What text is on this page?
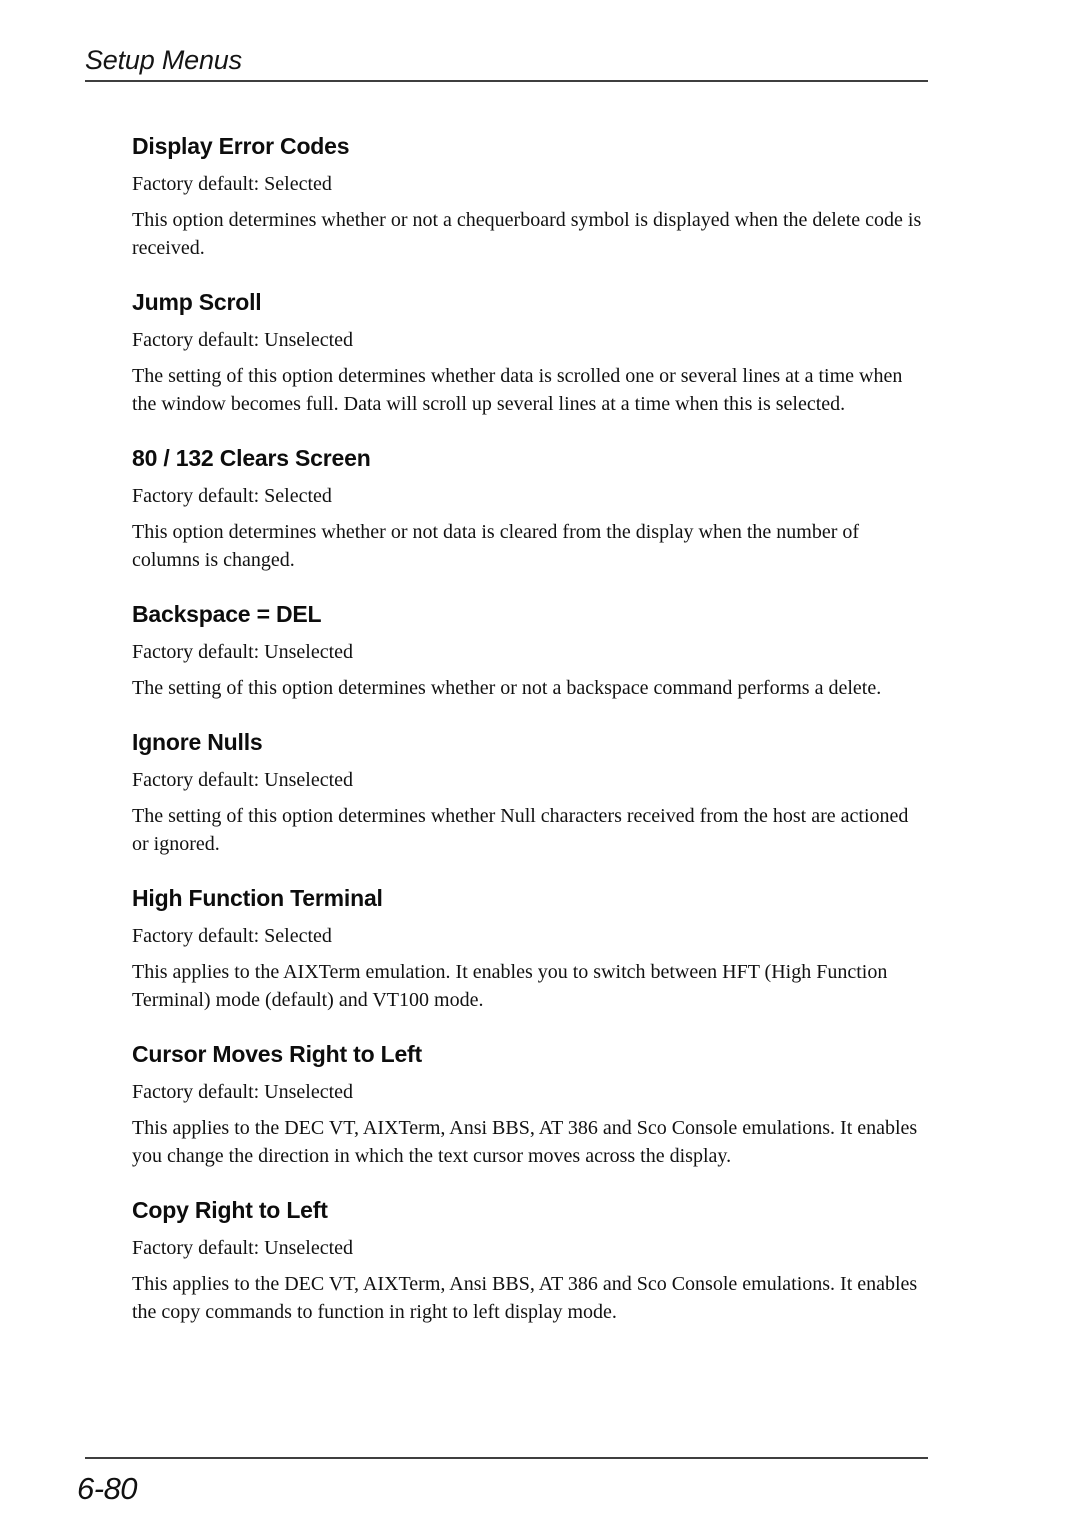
Setup Menus
Display Error Codes

Factory default: Selected

This option determines whether or not a chequerboard symbol is displayed when the delete code is received.

Jump Scroll

Factory default: Unselected

The setting of this option determines whether data is scrolled one or several lines at a time when the window becomes full. Data will scroll up several lines at a time when this is selected.

80 / 132 Clears Screen

Factory default: Selected

This option determines whether or not data is cleared from the display when the number of columns is changed.

Backspace = DEL

Factory default: Unselected

The setting of this option determines whether or not a backspace command performs a delete.

Ignore Nulls

Factory default: Unselected

The setting of this option determines whether Null characters received from the host are actioned or ignored.

High Function Terminal

Factory default: Selected

This applies to the AIXTerm emulation. It enables you to switch between HFT (High Function Terminal) mode (default) and VT100 mode.

Cursor Moves Right to Left

Factory default: Unselected

This applies to the DEC VT, AIXTerm, Ansi BBS, AT 386 and Sco Console emulations. It enables you change the direction in which the text cursor moves across the display.

Copy Right to Left

Factory default: Unselected

This applies to the DEC VT, AIXTerm, Ansi BBS, AT 386 and Sco Console emulations. It enables the copy commands to function in right to left display mode.

6-80
